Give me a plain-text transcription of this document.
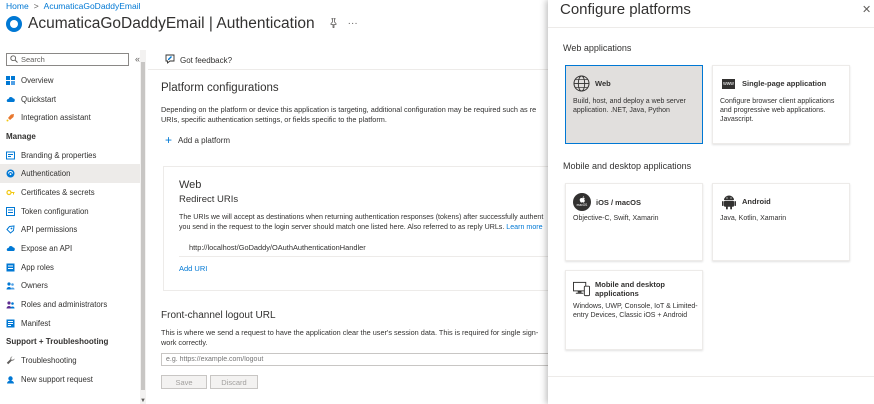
Home > AcumaticaGoDaddyEmail
AcumaticaGoDaddyEmail | Authentication	···
Search	«
Overview
Quickstart
Integration assistant
Manage
Branding & properties
Authentication
Certificates & secrets
Token configuration
API permissions
Expose an API
App roles
Owners
Roles and administrators
Manifest
Support + Troubleshooting
Troubleshooting
New support request
▼
Got feedback?
Platform configurations
Depending on the platform or device this application is targeting, additional configuration may be required such as re
URIs, specific authentication settings, or fields specific to the platform.
+ Add a platform
Web
Redirect URIs
The URIs we will accept as destinations when returning authentication responses (tokens) after successfully authent
you send in the request to the login server should match one listed here. Also referred to as reply URLs. Learn more
http://localhost/GoDaddy/OAuthAuthenticationHandler
Add URI
Front-channel logout URL
This is where we send a request to have the application clear the user's session data. This is required for single sign-
work correctly.
e.g. https://example.com/logout
Save	Discard
Configure platforms	✕
Web applications
Web
Build, host, and deploy a web server application. .NET, Java, Python
www Single-page application
Configure browser client applications and progressive web applications. Javascript.
Mobile and desktop applications
macOS iOS / macOS
Objective-C, Swift, Xamarin
Android
Java, Kotlin, Xamarin
Mobile and desktop applications
Windows, UWP, Console, IoT & Limited-entry Devices, Classic iOS + Android
